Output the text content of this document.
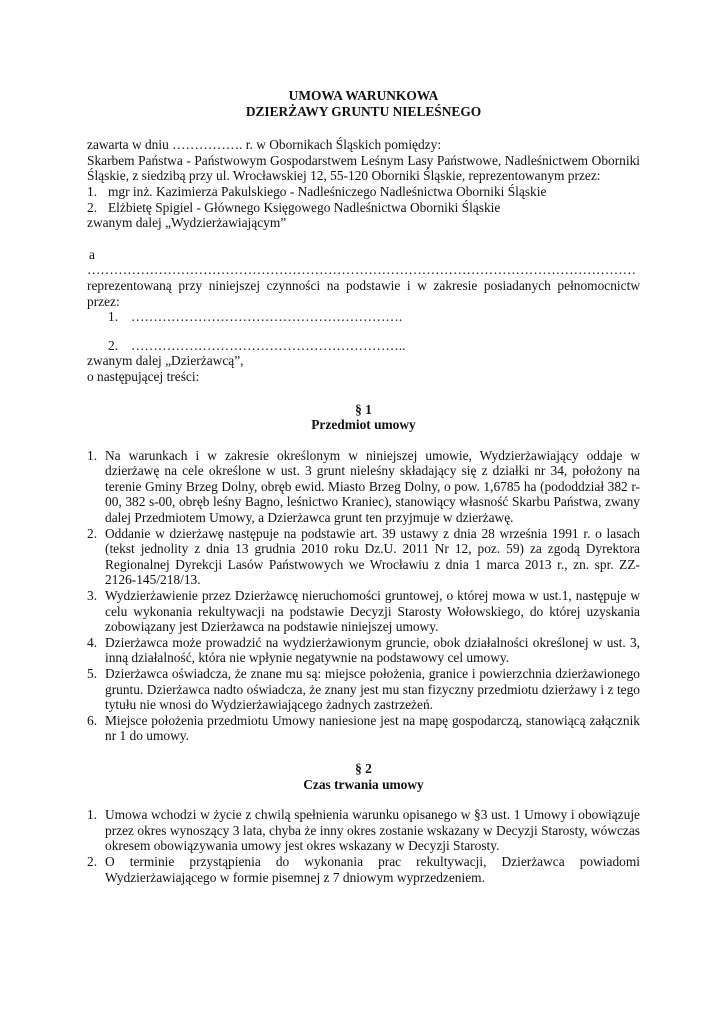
UMOWA WARUNKOWA
DZIERŻAWY GRUNTU NIELEŚNEGO
zawarta w dniu ……………. r. w Obornikach Śląskich pomiędzy:
Skarbem Państwa - Państwowym Gospodarstwem Leśnym Lasy Państwowe, Nadleśnictwem Oborniki Śląskie, z siedzibą przy ul. Wrocławskiej 12, 55-120 Oborniki Śląskie, reprezentowanym przez:
1. mgr inż. Kazimierza Pakulskiego - Nadleśniczego Nadleśnictwa Oborniki Śląskie
2. Elżbietę Spigiel - Głównego Księgowego Nadleśnictwa Oborniki Śląskie
zwanym dalej „Wydzierżawiającym”
a
……………………………………………………………………………………………………………
reprezentowaną przy niniejszej czynności na podstawie i w zakresie posiadanych pełnomocnictw przez:
1. …………………………………………………….
2. ……………………………………………………..
zwanym dalej „Dzierżawcą”,
o następującej treści:
§ 1
Przedmiot umowy
1. Na warunkach i w zakresie określonym w niniejszej umowie, Wydzierżawiający oddaje w dzierżawę na cele określone w ust. 3 grunt nieleśny składający się z działki nr 34, położony na terenie Gminy Brzeg Dolny, obręb ewid. Miasto Brzeg Dolny, o pow. 1,6785 ha (pododdział 382 r-00, 382 s-00, obręb leśny Bagno, leśnictwo Kraniec), stanowiący własność Skarbu Państwa, zwany dalej Przedmiotem Umowy, a Dzierżawca grunt ten przyjmuje w dzierżawę.
2. Oddanie w dzierżawę następuje na podstawie art. 39 ustawy z dnia 28 września 1991 r. o lasach (tekst jednolity z dnia 13 grudnia 2010 roku Dz.U. 2011 Nr 12, poz. 59) za zgodą Dyrektora Regionalnej Dyrekcji Lasów Państwowych we Wrocławiu z dnia 1 marca 2013 r., zn. spr. ZZ-2126-145/218/13.
3. Wydzierżawienie przez Dzierżawcę nieruchomości gruntowej, o której mowa w ust.1, następuje w celu wykonania rekultywacji na podstawie Decyzji Starosty Wołowskiego, do której uzyskania zobowiązany jest Dzierżawca na podstawie niniejszej umowy.
4. Dzierżawca może prowadzić na wydzierżawionym gruncie, obok działalności określonej w ust. 3, inną działalność, która nie wpłynie negatywnie na podstawowy cel umowy.
5. Dzierżawca oświadcza, że znane mu są: miejsce położenia, granice i powierzchnia dzierżawionego gruntu. Dzierżawca nadto oświadcza, że znany jest mu stan fizyczny przedmiotu dzierżawy i z tego tytułu nie wnosi do Wydzierżawiającego żadnych zastrzeżeń.
6. Miejsce położenia przedmiotu Umowy naniesione jest na mapę gospodarczą, stanowiącą załącznik nr 1 do umowy.
§ 2
Czas trwania umowy
1. Umowa wchodzi w życie z chwilą spełnienia warunku opisanego w §3 ust. 1 Umowy i obowiązuje przez okres wynoszący 3 lata, chyba że inny okres zostanie wskazany w Decyzji Starosty, wówczas okresem obowiązywania umowy jest okres wskazany w Decyzji Starosty.
2. O terminie przystąpienia do wykonania prac rekultywacji, Dzierżawca powiadomi Wydzierżawiającego w formie pisemnej z 7 dniowym wyprzedzeniem.
